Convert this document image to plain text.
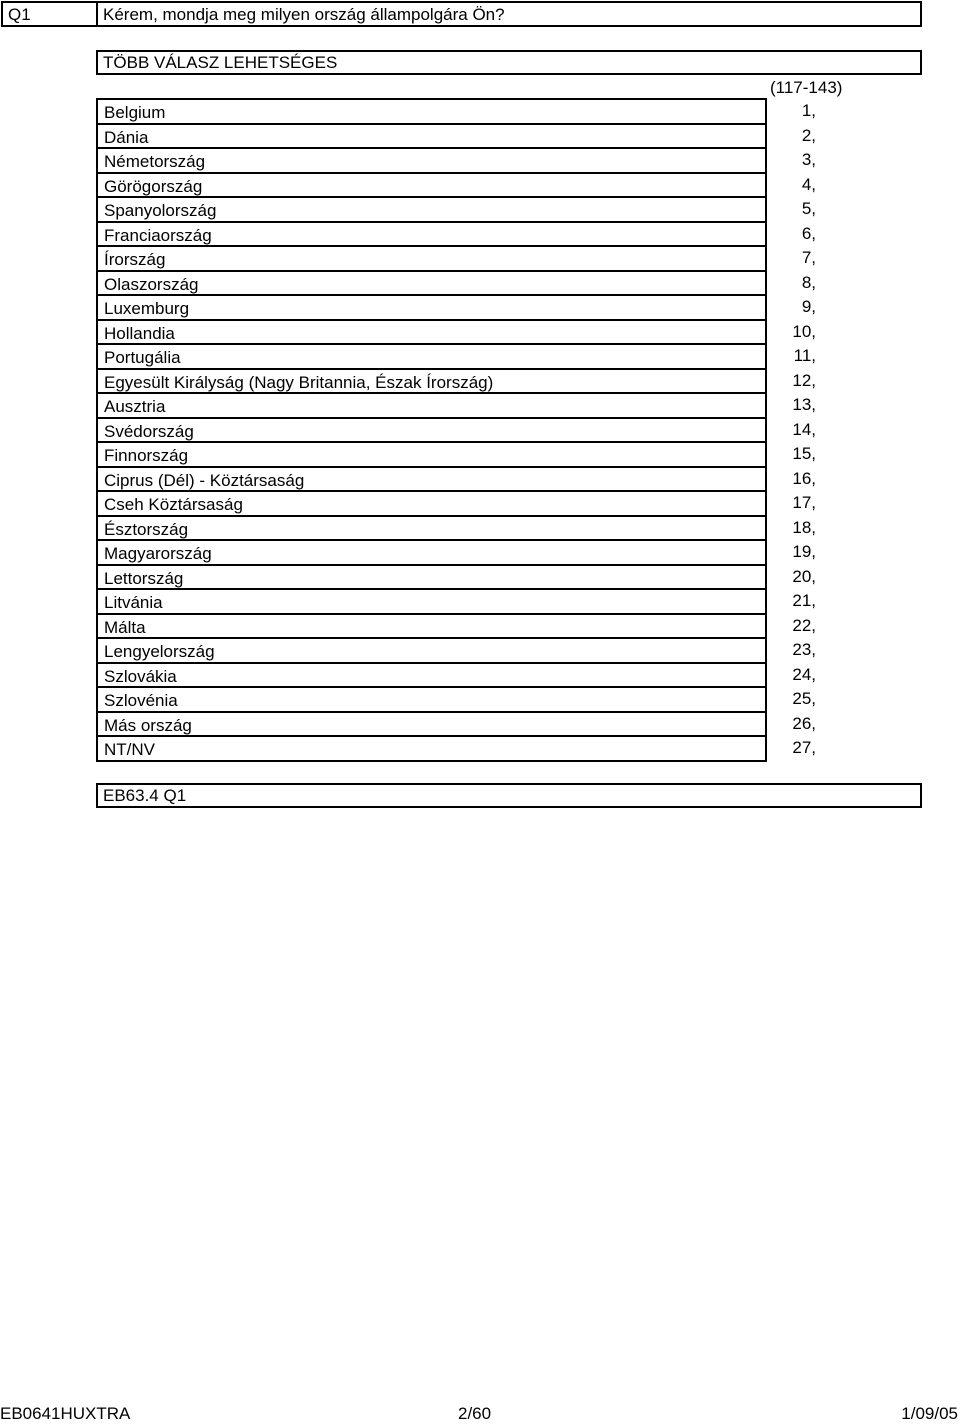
Q1	Kérem, mondja meg milyen ország állampolgára Ön?
TÖBB VÁLASZ LEHETSÉGES
(117-143)
Belgium	1,
Dánia	2,
Németország	3,
Görögország	4,
Spanyolország	5,
Franciaország	6,
Írország	7,
Olaszország	8,
Luxemburg	9,
Hollandia	10,
Portugália	11,
Egyesült Királyság (Nagy Britannia, Észak Írország)	12,
Ausztria	13,
Svédország	14,
Finnország	15,
Ciprus (Dél) - Köztársaság	16,
Cseh Köztársaság	17,
Észtország	18,
Magyarország	19,
Lettország	20,
Litvánia	21,
Málta	22,
Lengyelország	23,
Szlovákia	24,
Szlovénia	25,
Más ország	26,
NT/NV	27,
EB63.4 Q1
EB0641HUXTRA	2/60	1/09/05
